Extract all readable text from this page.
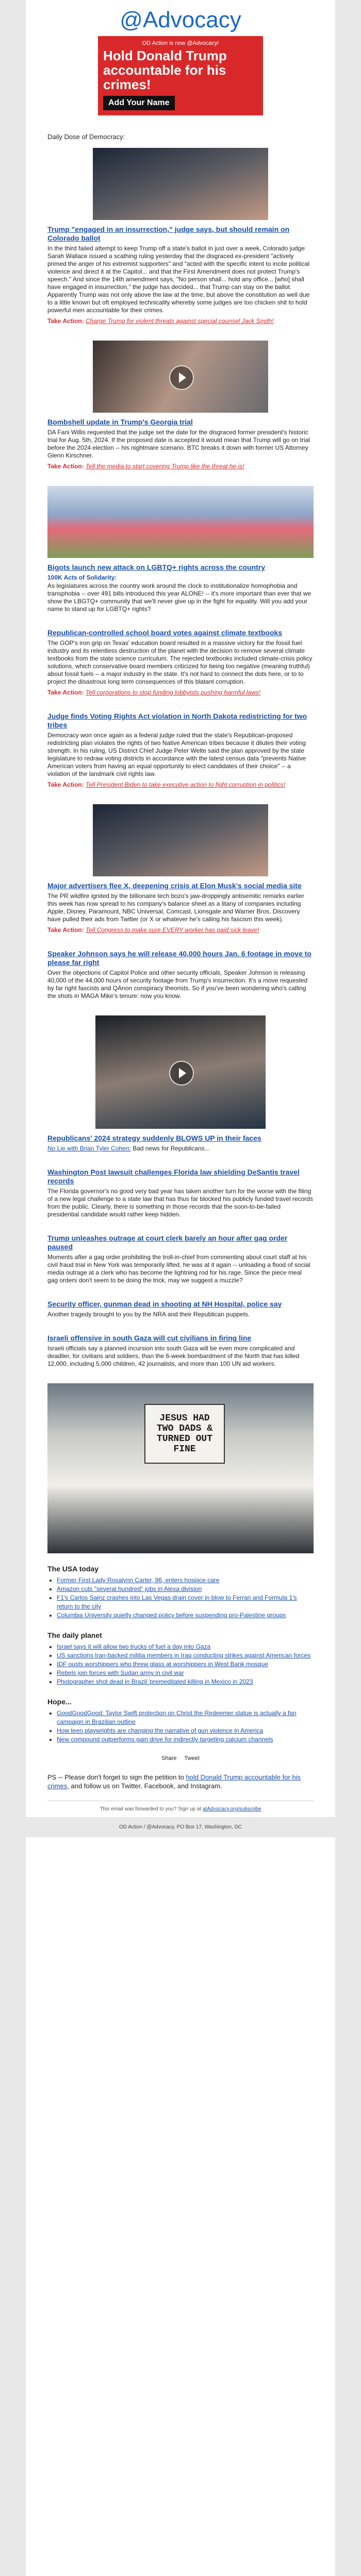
@Advocacy
OD Action is now @Advocacy!
Hold Donald Trump accountable for his crimes!
Add Your Name
Daily Dose of Democracy:
Trump "engaged in an insurrection," judge says, but should remain on Colorado ballot

In the third failed attempt to keep Trump off a state's ballot in just over a week, Colorado judge Sarah Wallace issued a scathing ruling yesterday that the disgraced ex-president "actively primed the anger of his extremist supporters" and "acted with the specific intent to incite political violence and direct it at the Capitol... and that the First Amendment does not protect Trump's speech." And since the 14th amendment says, "No person shall... hold any office... [who] shall have engaged in insurrection," the judge has decided... that Trump can stay on the ballot. Apparently Trump was not only above the law at the time, but above the constitution as well due to a little known but oft employed technicality whereby some judges are too chicken shit to hold powerful men accountable for their crimes.

Take Action: Charge Trump for violent threats against special counsel Jack Smith!
Bombshell update in Trump's Georgia trial

DA Fani Willis requested that the judge set the date for the disgraced former president's historic trial for Aug. 5th, 2024. If the proposed date is accepted it would mean that Trump will go on trial before the 2024 election -- his nightmare scenario. BTC breaks it down with former US Attorney Glenn Kirschner.

Take Action: Tell the media to start covering Trump like the threat he is!
Bigots launch new attack on LGBTQ+ rights across the country
100K Acts of Solidarity:

As legislatures across the country work around the clock to institutionalize homophobia and transphobia -- over 491 bills introduced this year ALONE! -- it's more important than ever that we show the LBGTQ+ community that we'll never give up in the fight for equality. Will you add your name to stand up for LGBTQ+ rights?

Republican-controlled school board votes against climate textbooks

The GOP's iron grip on Texas' education board resulted in a massive victory for the fossil fuel industry and its relentless destruction of the planet with the decision to remove several climate textbooks from the state science curriculum. The rejected textbooks included climate-crisis policy solutions, which conservative board members criticized for being too negative (meaning truthful) about fossil fuels -- a major industry in the state. It's not hard to connect the dots here, or to to project the disastrous long term consequences of this blatant corruption.

Take Action: Tell corporations to stop funding lobbyists pushing harmful laws!
Judge finds Voting Rights Act violation in North Dakota redistricting for two tribes

Democracy won once again as a federal judge ruled that the state's Republican-proposed redistricting plan violates the rights of two Native American tribes because it dilutes their voting strength. In his ruling, US District Chief Judge Peter Welte said the plan approved by the state legislature to redraw voting districts in accordance with the latest census data "prevents Native American voters from having an equal opportunity to elect candidates of their choice" -- a violation of the landmark civil rights law.

Take Action: Tell President Biden to take executive action to fight corruption in politics!
Major advertisers flee X, deepening crisis at Elon Musk's social media site

The PR wildfire ignited by the billionaire tech bozo's jaw-droppingly antisemitic remarks earlier this week has now spread to his company's balance sheet as a litany of companies including Apple, Disney, Paramount, NBC Universal, Comcast, Lionsgate and Warner Bros. Discovery have pulled their ads from Twitter (or X or whatever he's calling his fascism this week).

Take Action: Tell Congress to make sure EVERY worker has paid sick leave!
Speaker Johnson says he will release 40,000 hours Jan. 6 footage in move to please far right

Over the objections of Capitol Police and other security officials, Speaker Johnson is releasing 40,000 of the 44,000 hours of security footage from Trump's insurrection. It's a move requested by far right fascists and QAnon conspiracy theorists. So if you've been wondering who's calling the shots in MAGA Mike's tenure: now you know.

Republicans' 2024 strategy suddenly BLOWS UP in their faces
No Lie with Brian Tyler Cohen: Bad news for Republicans...
Washington Post lawsuit challenges Florida law shielding DeSantis travel records

The Florida governor's no good very bad year has taken another turn for the worse with the filing of a new legal challenge to a state law that has thus far blocked his publicly funded travel records from the public. Clearly, there is something in those records that the soon-to-be-failed presidential candidate would rather keep hidden.

Trump unleashes outrage at court clerk barely an hour after gag order paused

Moments after a gag order prohibiting the troll-in-chief from commenting about court staff at his civil fraud trial in New York was temporarily lifted, he was at it again -- unloading a flood of social media outrage at a clerk who has become the lightning rod for his rage. Since the piece meal gag orders don't seem to be doing the trick, may we suggest a muzzle?

Security officer, gunman dead in shooting at NH Hospital, police say

Another tragedy brought to you by the NRA and their Republican puppets.

Israeli offensive in south Gaza will cut civilians in firing line

Israeli officials say a planned incursion into south Gaza will be even more complicated and deadlier, for civilians and soldiers, than the 6-week bombardment of the North that has killed 12,000, including 5,000 children, 42 journalists, and more than 100 UN aid workers.

JESUS HAD TWO DADS & TURNED OUT FINE
The USA today
• Former First Lady Rosalynn Carter, 96, enters hospice care
• Amazon cuts "several hundred" jobs in Alexa division
• F1's Carlos Sainz crashes into Las Vegas drain cover in blow to Ferrari and Formula 1's return to the city
• Columbia University quietly changed policy before suspending pro-Palestine groups
The daily planet
• Israel says it will allow two trucks of fuel a day into Gaza
• US sanctions Iran-backed militia members in Iraq conducting strikes against American forces
• IDF ousts worshippers who threw glass at worshippers in West Bank mosque
• Rebels join forces with Sudan army in civil war
• Photographer shot dead in Brazil 'premeditated killing in Mexico in 2023
Hope...
• GoodGoodGood: Taylor Swift protection on Christ the Redeemer statue is actually a fan campaign in Brazilian outline
• How teen playwrights are changing the narrative of gun violence in America
• New compound outperforms gain drive for indirectly targeting calcium channels
Share Tweet
PS -- Please don't forget to sign the petition to hold Donald Trump accountable for his crimes, and follow us on Twitter, Facebook, and Instagram.
This email was forwarded to you? Sign up at atAdvocacy.org/subscribe
OD Action / @Advocacy, PO Box 17, Washington, DC
